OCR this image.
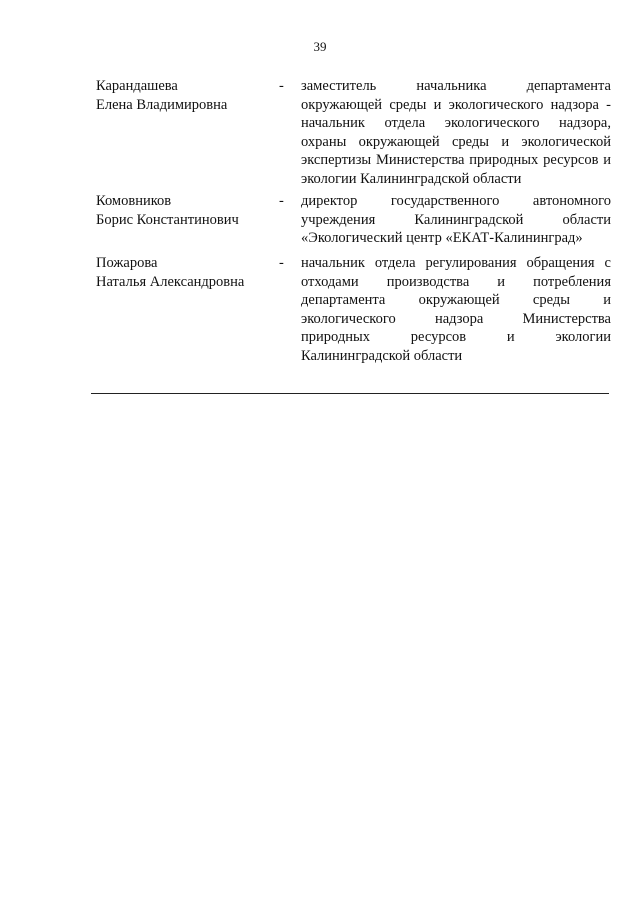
39
Карандашева
Елена Владимировна
- заместитель начальника департамента окружающей среды и экологического надзора - начальник отдела экологического надзора, охраны окружающей среды и экологической экспертизы Министерства природных ресурсов и экологии Калининградской области
Комовников
Борис Константинович
- директор государственного автономного учреждения Калининградской области «Экологический центр «ЕКАТ-Калининград»
Пожарова
Наталья Александровна
- начальник отдела регулирования обращения с отходами производства и потребления департамента окружающей среды и экологического надзора Министерства природных ресурсов и экологии Калининградской области
